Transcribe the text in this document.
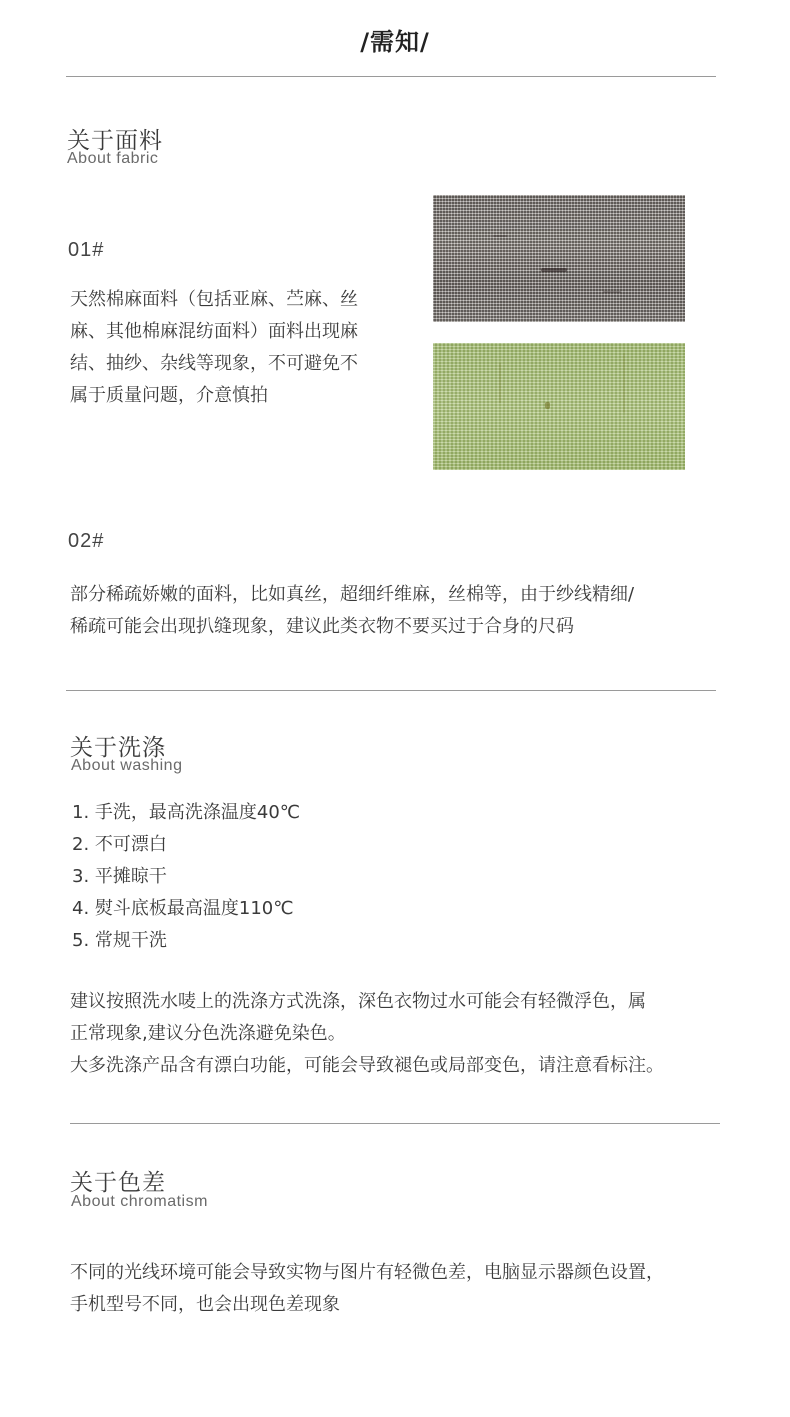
/需知/
关于面料
About fabric
01#
天然棉麻面料（包括亚麻、苎麻、丝
麻、其他棉麻混纺面料）面料出现麻
结、抽纱、杂线等现象，不可避免不
属于质量问题，介意慎拍
02#
部分稀疏娇嫩的面料，比如真丝，超细纤维麻，丝棉等，由于纱线精细/
稀疏可能会出现扒缝现象，建议此类衣物不要买过于合身的尺码
关于洗涤
About washing
1. 手洗，最高洗涤温度40℃
2. 不可漂白
3. 平摊晾干
4. 熨斗底板最高温度110℃
5. 常规干洗
建议按照洗水唛上的洗涤方式洗涤，深色衣物过水可能会有轻微浮色，属
正常现象,建议分色洗涤避免染色。
大多洗涤产品含有漂白功能，可能会导致褪色或局部变色，请注意看标注。
关于色差
About chromatism
不同的光线环境可能会导致实物与图片有轻微色差，电脑显示器颜色设置，
手机型号不同，也会出现色差现象
